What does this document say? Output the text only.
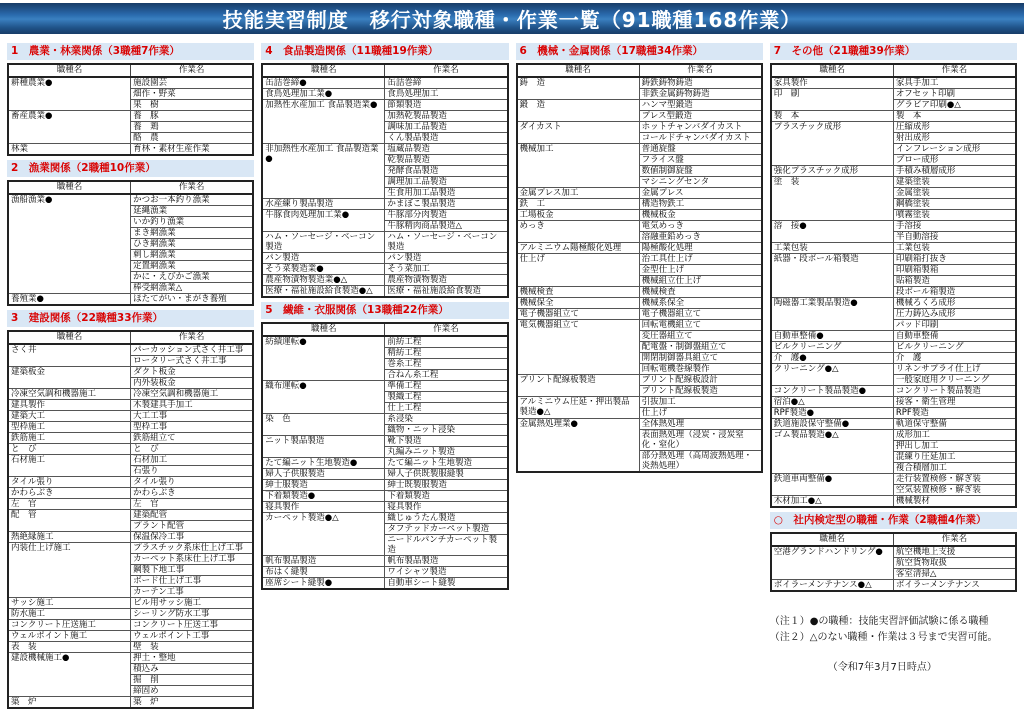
技能実習制度　移行対象職種・作業一覧（91職種168作業）
1　農業・林業関係（3職種7作業）
職種名	作業名
耕種農業●	施設園芸
	畑作・野菜
	果　樹
畜産農業●	養　豚
	養　鶏
	酪　農
林業	育林・素材生産作業
2　漁業関係（2職種10作業）
職種名	作業名
漁船漁業●	かつお一本釣り漁業
	延縄漁業
	いか釣り漁業
	まき網漁業
	ひき網漁業
	刺し網漁業
	定置網漁業
	かに・えびかご漁業
	棒受網漁業△
養殖業●	ほたてがい・まがき養殖
3　建設関係（22職種33作業）
職種名	作業名
さく井	パーカッション式さく井工事
	ロータリー式さく井工事
建築板金	ダクト板金
	内外装板金
冷凍空気調和機器施工	冷凍空気調和機器施工
建具製作	木製建具手加工
建築大工	大工工事
型枠施工	型枠工事
鉄筋施工	鉄筋組立て
と　び	と　び
石材施工	石材加工
	石張り
タイル張り	タイル張り
かわらぶき	かわらぶき
左　官	左　官
配　管	建築配管
	プラント配管
熱絶縁施工	保温保冷工事
内装仕上げ施工	プラスチック系床仕上げ工事
	カーペット系床仕上げ工事
	鋼製下地工事
	ボード仕上げ工事
	カーテン工事
サッシ施工	ビル用サッシ施工
防水施工	シーリング防水工事
コンクリート圧送施工	コンクリート圧送工事
ウェルポイント施工	ウェルポイント工事
表　装	壁　装
建設機械施工●	押土・整地
	積込み
	掘　削
	締固め
築　炉	築　炉
4　食品製造関係（11職種19作業）
職種名	作業名
缶詰巻締●	缶詰巻締
食鳥処理加工業●	食鳥処理加工
加熱性水産加工 食品製造業●	節類製造
	加熱乾製品製造
	調味加工品製造
	くん製品製造
非加熱性水産加工 食品製造業●	塩蔵品製造
	乾製品製造
	発酵食品製造
	調理加工品製造
	生食用加工品製造
水産練り製品製造	かまぼこ製品製造
牛豚食肉処理加工業●	牛豚部分肉製造
	牛豚精肉商品製造△
ハム・ソーセージ・ベーコン製造	ハム・ソーセージ・ベーコン製造
パン製造	パン製造
そう菜製造業●	そう菜加工
農産物漬物製造業●△	農産物漬物製造
医療・福祉施設給食製造●△	医療・福祉施設給食製造
5　繊維・衣服関係（13職種22作業）
職種名	作業名
紡績運転●	前紡工程
	精紡工程
	巻糸工程
	合ねん糸工程
織布運転●	準備工程
	製織工程
	仕上工程
染　色	糸浸染
	織物・ニット浸染
ニット製品製造	靴下製造
	丸編みニット製造
たて編ニット生地製造●	たて編ニット生地製造
婦人子供服製造	婦人子供既製服縫製
紳士服製造	紳士既製服製造
下着類製造●	下着類製造
寝具製作	寝具製作
カーペット製造●△	織じゅうたん製造
	タフテッドカーペット製造
	ニードルパンチカーペット製造
帆布製品製造	帆布製品製造
布はく縫製	ワイシャツ製造
座席シート縫製●	自動車シート縫製
6　機械・金属関係（17職種34作業）
職種名	作業名
鋳　造	鋳鉄鋳物鋳造
	非鉄金属鋳物鋳造
鍛　造	ハンマ型鍛造
	プレス型鍛造
ダイカスト	ホットチャンバダイカスト
	コールドチャンバダイカスト
機械加工	普通旋盤
	フライス盤
	数値制御旋盤
	マシニングセンタ
金属プレス加工	金属プレス
鉄　工	構造物鉄工
工場板金	機械板金
めっき	電気めっき
	溶融亜鉛めっき
アルミニウム陽極酸化処理	陽極酸化処理
仕上げ	治工具仕上げ
	金型仕上げ
	機械組立仕上げ
機械検査	機械検査
機械保全	機械系保全
電子機器組立て	電子機器組立て
電気機器組立て	回転電機組立て
	変圧器組立て
	配電盤・制御盤組立て
	開閉制御器具組立て
	回転電機巻線製作
プリント配線板製造	プリント配線板設計
	プリント配線板製造
アルミニウム圧延・押出製品製造●△	引抜加工
	仕上げ
金属熱処理業●	全体熱処理
	表面熱処理（浸炭・浸炭窒化・窒化）
	部分熱処理（高周波熱処理・炎熱処理）
7　その他（21職種39作業）
職種名	作業名
家具製作	家具手加工
印　刷	オフセット印刷
	グラビア印刷●△
製　本	製　本
プラスチック成形	圧縮成形
	射出成形
	インフレーション成形
	ブロー成形
強化プラスチック成形	手積み積層成形
塗　装	建築塗装
	金属塗装
	鋼橋塗装
	噴霧塗装
溶　接●	手溶接
	半自動溶接
工業包装	工業包装
紙器・段ボール箱製造	印刷箱打抜き
	印刷箱製箱
	貼箱製造
	段ボール箱製造
陶磁器工業製品製造●	機械ろくろ成形
	圧力鋳込み成形
	パッド印刷
自動車整備●	自動車整備
ビルクリーニング	ビルクリーニング
介　護●	介　護
クリーニング●△	リネンサプライ仕上げ
	一般家庭用クリーニング
コンクリート製品製造●	コンクリート製品製造
宿泊●△	接客・衛生管理
RPF製造●	RPF製造
鉄道施設保守整備●	軌道保守整備
ゴム製品製造●△	成形加工
	押出し加工
	混練り圧延加工
	複合積層加工
鉄道車両整備●	走行装置検修・解ぎ装
	空気装置検修・解ぎ装
木材加工●△	機械製材
○　社内検定型の職種・作業（2職種4作業）
職種名	作業名
空港グランドハンドリング●	航空機地上支援
	航空貨物取扱
	客室清掃△
ボイラーメンテナンス●△	ボイラーメンテナンス
（注１）●の職種：技能実習評価試験に係る職種
（注２）△のない職種・作業は３号まで実習可能。
（令和7年3月7日時点）
